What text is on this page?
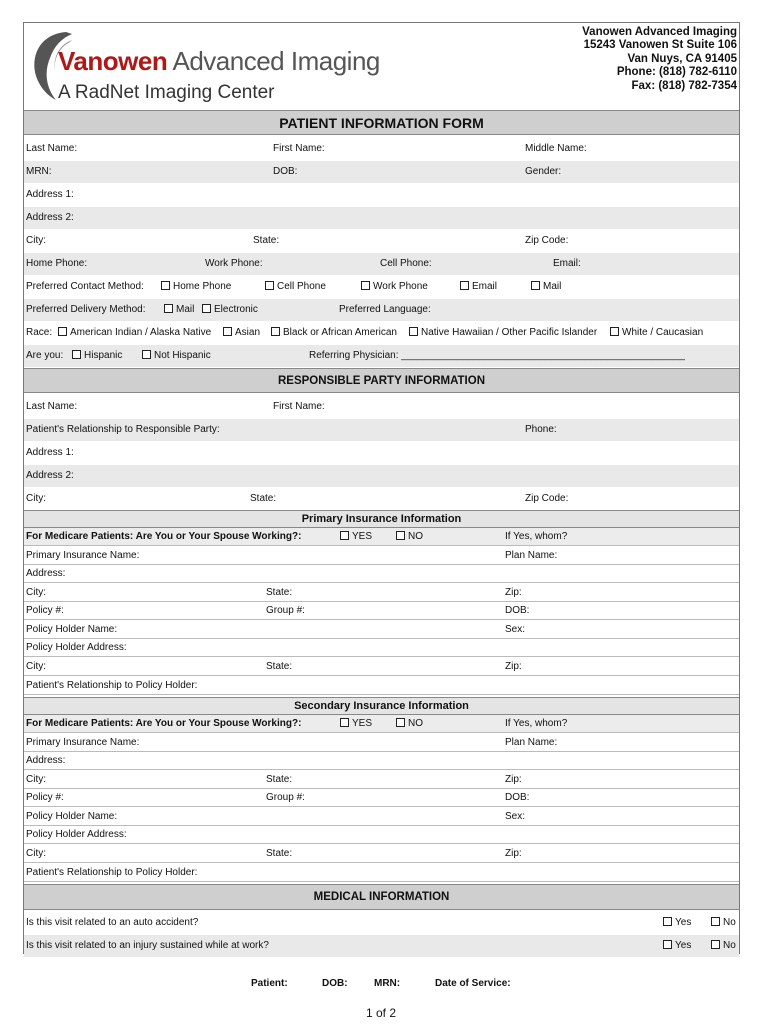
Vanowen Advanced Imaging
A RadNet Imaging Center
Vanowen Advanced Imaging
15243 Vanowen St Suite 106
Van Nuys, CA 91405
Phone: (818) 782-6110
Fax: (818) 782-7354
PATIENT INFORMATION FORM
Last Name:	First Name:	Middle Name:
MRN:	DOB:	Gender:
Address 1:
Address 2:
City:	State:	Zip Code:
Home Phone:	Work Phone:	Cell Phone:	Email:
Preferred Contact Method:	Home Phone	Cell Phone	Work Phone	Email	Mail
Preferred Delivery Method:	Mail	Electronic	Preferred Language:
Race:	American Indian / Alaska Native	Asian	Black or African American	Native Hawaiian / Other Pacific Islander	White / Caucasian
Are you:	Hispanic	Not Hispanic	Referring Physician: ___________________________________________________
RESPONSIBLE PARTY INFORMATION
Last Name:	First Name:
Patient's Relationship to Responsible Party:	Phone:
Address 1:
Address 2:
City:	State:	Zip Code:
Primary Insurance Information
For Medicare Patients: Are You or Your Spouse Working?:	YES	NO	If Yes, whom?
Primary Insurance Name:	Plan Name:
Address:
City:	State:	Zip:
Policy #:	Group #:	DOB:
Policy Holder Name:	Sex:
Policy Holder Address:
City:	State:	Zip:
Patient's Relationship to Policy Holder:
Secondary Insurance Information
For Medicare Patients: Are You or Your Spouse Working?:	YES	NO	If Yes, whom?
Primary Insurance Name:	Plan Name:
Address:
City:	State:	Zip:
Policy #:	Group #:	DOB:
Policy Holder Name:	Sex:
Policy Holder Address:
City:	State:	Zip:
Patient's Relationship to Policy Holder:
MEDICAL INFORMATION
Is this visit related to an auto accident?	Yes	No
Is this visit related to an injury sustained while at work?	Yes	No
Patient:	DOB:	MRN:	Date of Service:
1 of 2
